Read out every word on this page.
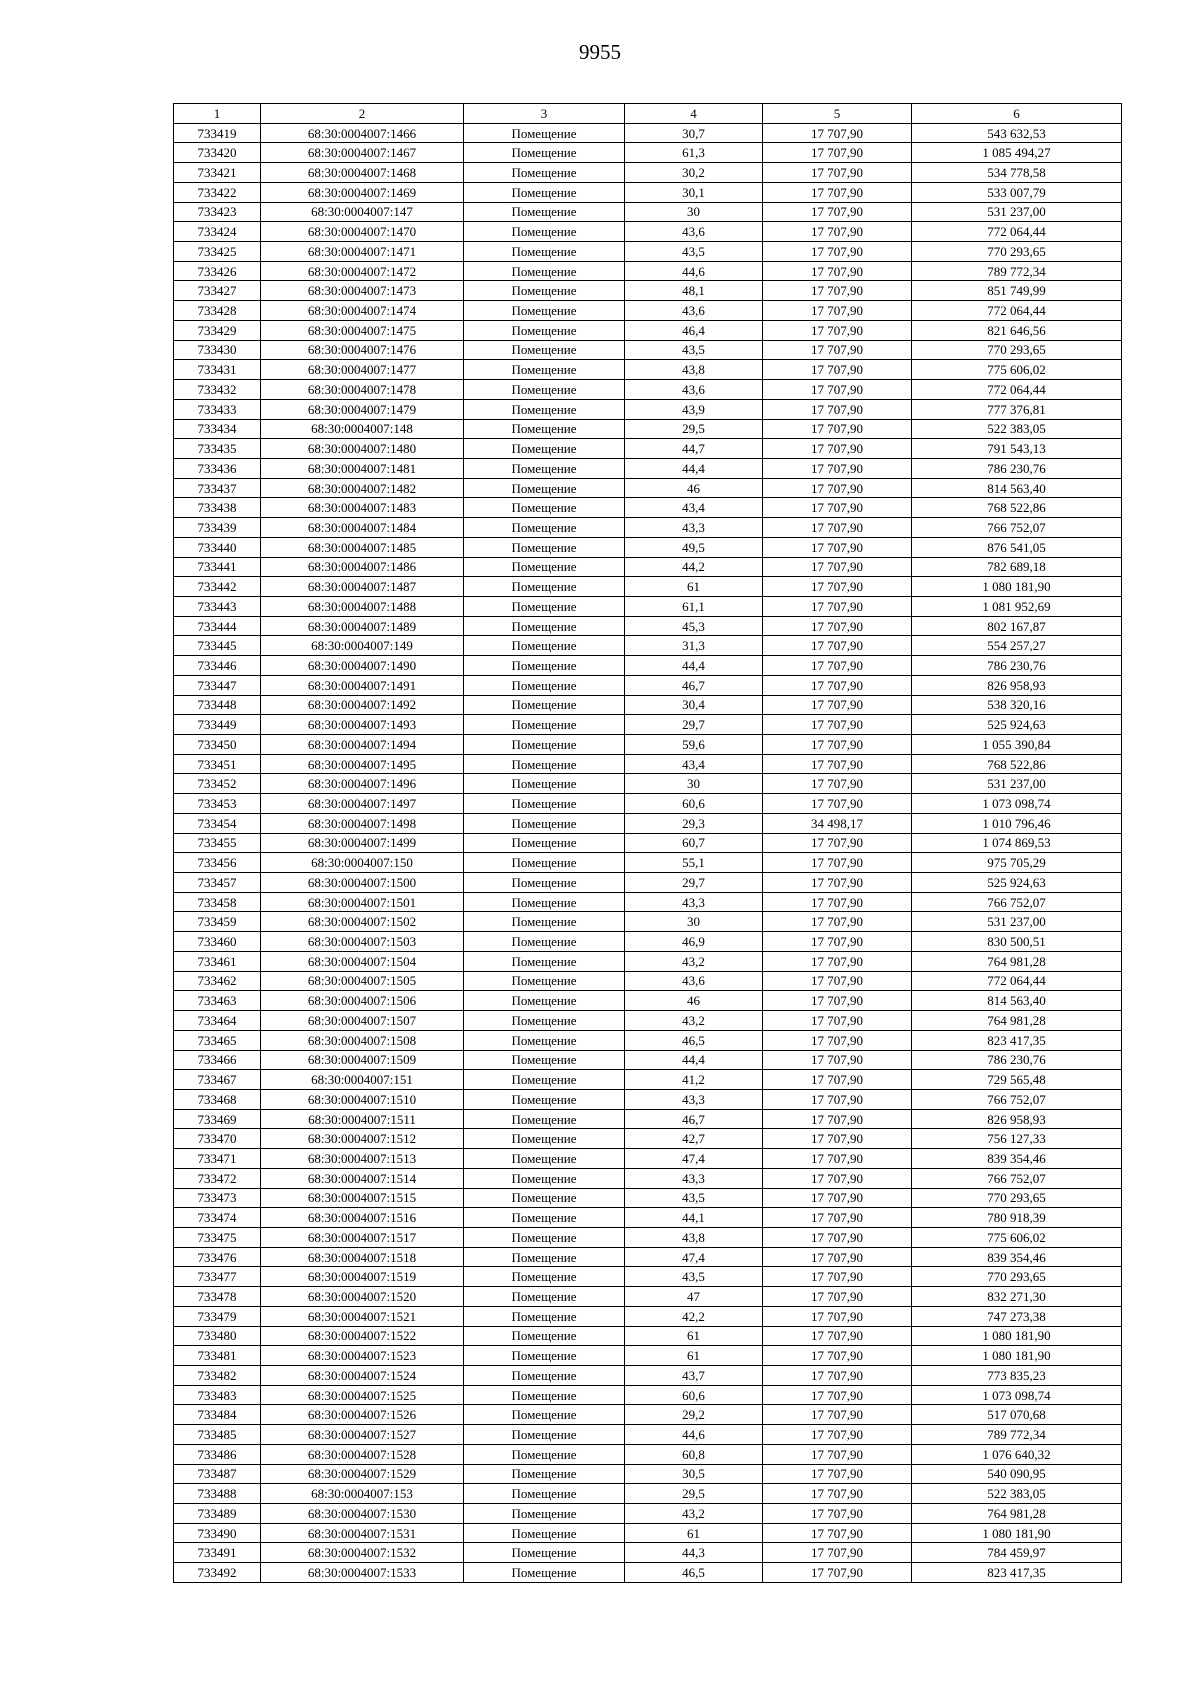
9955
1	2	3	4	5	6
733419	68:30:0004007:1466	Помещение	30,7	17 707,90	543 632,53
733420	68:30:0004007:1467	Помещение	61,3	17 707,90	1 085 494,27
733421	68:30:0004007:1468	Помещение	30,2	17 707,90	534 778,58
733422	68:30:0004007:1469	Помещение	30,1	17 707,90	533 007,79
733423	68:30:0004007:147	Помещение	30	17 707,90	531 237,00
733424	68:30:0004007:1470	Помещение	43,6	17 707,90	772 064,44
733425	68:30:0004007:1471	Помещение	43,5	17 707,90	770 293,65
733426	68:30:0004007:1472	Помещение	44,6	17 707,90	789 772,34
733427	68:30:0004007:1473	Помещение	48,1	17 707,90	851 749,99
733428	68:30:0004007:1474	Помещение	43,6	17 707,90	772 064,44
733429	68:30:0004007:1475	Помещение	46,4	17 707,90	821 646,56
733430	68:30:0004007:1476	Помещение	43,5	17 707,90	770 293,65
733431	68:30:0004007:1477	Помещение	43,8	17 707,90	775 606,02
733432	68:30:0004007:1478	Помещение	43,6	17 707,90	772 064,44
733433	68:30:0004007:1479	Помещение	43,9	17 707,90	777 376,81
733434	68:30:0004007:148	Помещение	29,5	17 707,90	522 383,05
733435	68:30:0004007:1480	Помещение	44,7	17 707,90	791 543,13
733436	68:30:0004007:1481	Помещение	44,4	17 707,90	786 230,76
733437	68:30:0004007:1482	Помещение	46	17 707,90	814 563,40
733438	68:30:0004007:1483	Помещение	43,4	17 707,90	768 522,86
733439	68:30:0004007:1484	Помещение	43,3	17 707,90	766 752,07
733440	68:30:0004007:1485	Помещение	49,5	17 707,90	876 541,05
733441	68:30:0004007:1486	Помещение	44,2	17 707,90	782 689,18
733442	68:30:0004007:1487	Помещение	61	17 707,90	1 080 181,90
733443	68:30:0004007:1488	Помещение	61,1	17 707,90	1 081 952,69
733444	68:30:0004007:1489	Помещение	45,3	17 707,90	802 167,87
733445	68:30:0004007:149	Помещение	31,3	17 707,90	554 257,27
733446	68:30:0004007:1490	Помещение	44,4	17 707,90	786 230,76
733447	68:30:0004007:1491	Помещение	46,7	17 707,90	826 958,93
733448	68:30:0004007:1492	Помещение	30,4	17 707,90	538 320,16
733449	68:30:0004007:1493	Помещение	29,7	17 707,90	525 924,63
733450	68:30:0004007:1494	Помещение	59,6	17 707,90	1 055 390,84
733451	68:30:0004007:1495	Помещение	43,4	17 707,90	768 522,86
733452	68:30:0004007:1496	Помещение	30	17 707,90	531 237,00
733453	68:30:0004007:1497	Помещение	60,6	17 707,90	1 073 098,74
733454	68:30:0004007:1498	Помещение	29,3	34 498,17	1 010 796,46
733455	68:30:0004007:1499	Помещение	60,7	17 707,90	1 074 869,53
733456	68:30:0004007:150	Помещение	55,1	17 707,90	975 705,29
733457	68:30:0004007:1500	Помещение	29,7	17 707,90	525 924,63
733458	68:30:0004007:1501	Помещение	43,3	17 707,90	766 752,07
733459	68:30:0004007:1502	Помещение	30	17 707,90	531 237,00
733460	68:30:0004007:1503	Помещение	46,9	17 707,90	830 500,51
733461	68:30:0004007:1504	Помещение	43,2	17 707,90	764 981,28
733462	68:30:0004007:1505	Помещение	43,6	17 707,90	772 064,44
733463	68:30:0004007:1506	Помещение	46	17 707,90	814 563,40
733464	68:30:0004007:1507	Помещение	43,2	17 707,90	764 981,28
733465	68:30:0004007:1508	Помещение	46,5	17 707,90	823 417,35
733466	68:30:0004007:1509	Помещение	44,4	17 707,90	786 230,76
733467	68:30:0004007:151	Помещение	41,2	17 707,90	729 565,48
733468	68:30:0004007:1510	Помещение	43,3	17 707,90	766 752,07
733469	68:30:0004007:1511	Помещение	46,7	17 707,90	826 958,93
733470	68:30:0004007:1512	Помещение	42,7	17 707,90	756 127,33
733471	68:30:0004007:1513	Помещение	47,4	17 707,90	839 354,46
733472	68:30:0004007:1514	Помещение	43,3	17 707,90	766 752,07
733473	68:30:0004007:1515	Помещение	43,5	17 707,90	770 293,65
733474	68:30:0004007:1516	Помещение	44,1	17 707,90	780 918,39
733475	68:30:0004007:1517	Помещение	43,8	17 707,90	775 606,02
733476	68:30:0004007:1518	Помещение	47,4	17 707,90	839 354,46
733477	68:30:0004007:1519	Помещение	43,5	17 707,90	770 293,65
733478	68:30:0004007:1520	Помещение	47	17 707,90	832 271,30
733479	68:30:0004007:1521	Помещение	42,2	17 707,90	747 273,38
733480	68:30:0004007:1522	Помещение	61	17 707,90	1 080 181,90
733481	68:30:0004007:1523	Помещение	61	17 707,90	1 080 181,90
733482	68:30:0004007:1524	Помещение	43,7	17 707,90	773 835,23
733483	68:30:0004007:1525	Помещение	60,6	17 707,90	1 073 098,74
733484	68:30:0004007:1526	Помещение	29,2	17 707,90	517 070,68
733485	68:30:0004007:1527	Помещение	44,6	17 707,90	789 772,34
733486	68:30:0004007:1528	Помещение	60,8	17 707,90	1 076 640,32
733487	68:30:0004007:1529	Помещение	30,5	17 707,90	540 090,95
733488	68:30:0004007:153	Помещение	29,5	17 707,90	522 383,05
733489	68:30:0004007:1530	Помещение	43,2	17 707,90	764 981,28
733490	68:30:0004007:1531	Помещение	61	17 707,90	1 080 181,90
733491	68:30:0004007:1532	Помещение	44,3	17 707,90	784 459,97
733492	68:30:0004007:1533	Помещение	46,5	17 707,90	823 417,35
